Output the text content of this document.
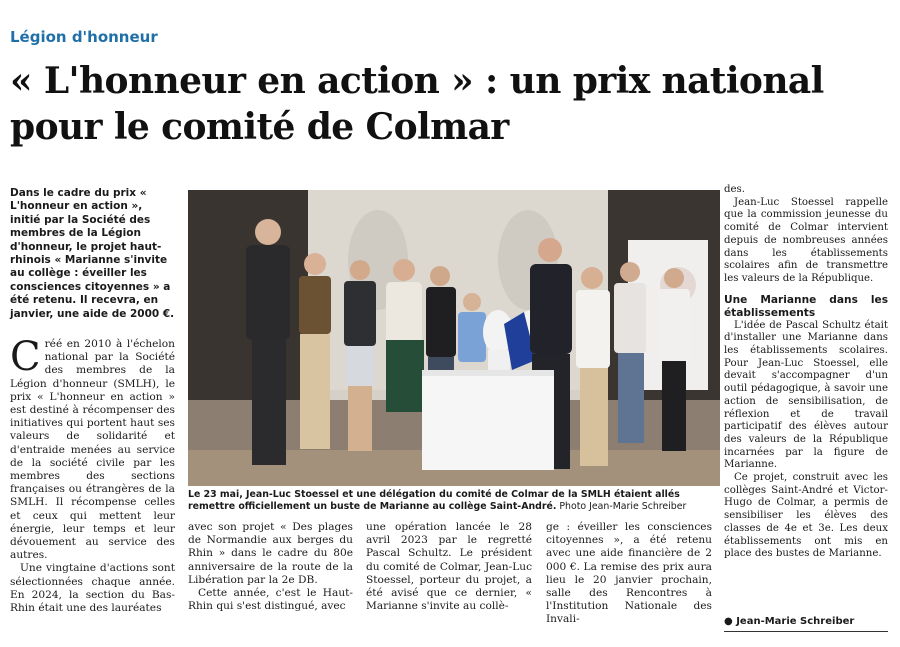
Légion d'honneur
« L'honneur en action » : un prix national pour le comité de Colmar
Dans le cadre du prix « L'honneur en action », initié par la Société des membres de la Légion d'honneur, le projet haut-rhinois « Marianne s'invite au collège : éveiller les consciences citoyennes » a été retenu. Il recevra, en janvier, une aide de 2000 €.

Créé en 2010 à l'échelon national par la Société des membres de la Légion d'honneur (SMLH), le prix « L'honneur en action » est destiné à récompenser des initiatives qui portent haut ses valeurs de solidarité et d'entraide menées au service de la société civile par les membres des sections françaises ou étrangères de la SMLH. Il récompense celles et ceux qui mettent leur énergie, leur temps et leur dévouement au service des autres.

Une vingtaine d'actions sont sélectionnées chaque année. En 2024, la section du Bas-Rhin était une des lauréates

Le 23 mai, Jean-Luc Stoessel et une délégation du comité de Colmar de la SMLH étaient allés remettre officiellement un buste de Marianne au collège Saint-André. Photo Jean-Marie Schreiber

avec son projet « Des plages de Normandie aux berges du Rhin » dans le cadre du 80e anniversaire de la route de la Libération par la 2e DB.

Cette année, c'est le Haut-Rhin qui s'est distingué, avec

une opération lancée le 28 avril 2023 par le regretté Pascal Schultz. Le président du comité de Colmar, Jean-Luc Stoessel, porteur du projet, a été avisé que ce dernier, « Marianne s'invite au collè-

ge : éveiller les consciences citoyennes », a été retenu avec une aide financière de 2 000 €. La remise des prix aura lieu le 20 janvier prochain, salle des Rencontres à l'Institution Nationale des Invali-

des.

Jean-Luc Stoessel rappelle que la commission jeunesse du comité de Colmar intervient depuis de nombreuses années dans les établissements scolaires afin de transmettre les valeurs de la République.

Une Marianne dans les établissements

L'idée de Pascal Schultz était d'installer une Marianne dans les établissements scolaires. Pour Jean-Luc Stoessel, elle devait s'accompagner d'un outil pédagogique, à savoir une action de sensibilisation, de réflexion et de travail participatif des élèves autour des valeurs de la République incarnées par la figure de Marianne.

Ce projet, construit avec les collèges Saint-André et Victor-Hugo de Colmar, a permis de sensibiliser les élèves des classes de 4e et 3e. Les deux établissements ont mis en place des bustes de Marianne.

● Jean-Marie Schreiber
